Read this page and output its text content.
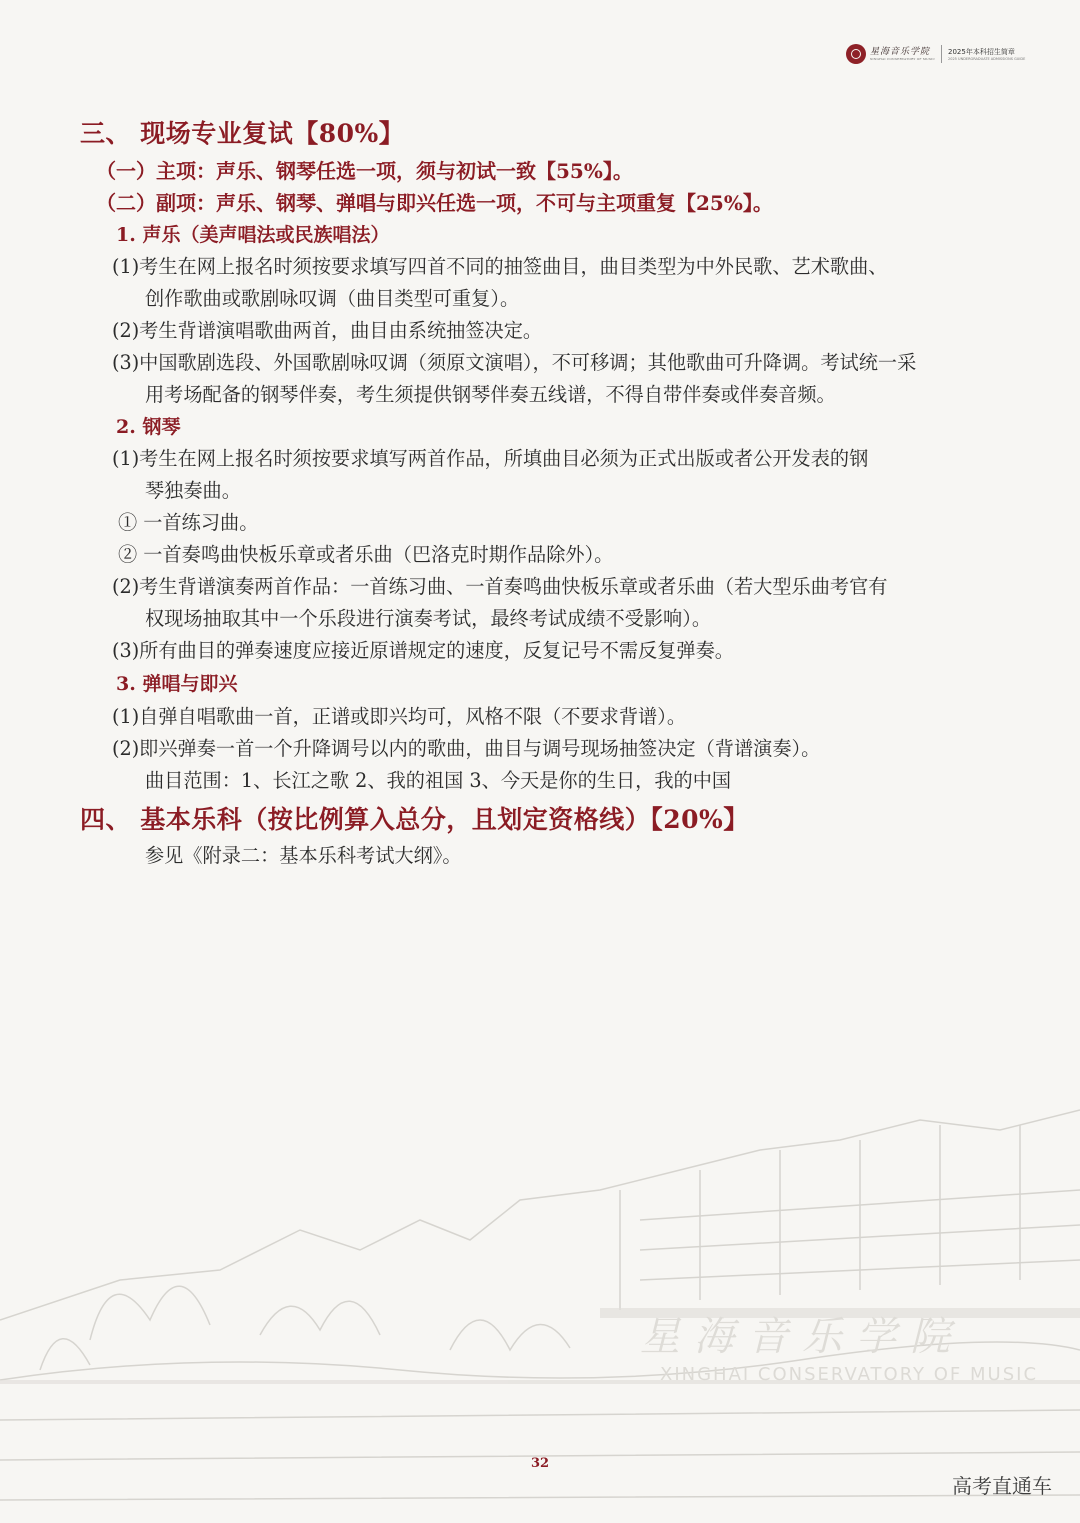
星海音乐学院
XINGHAI CONSERVATORY OF MUSIC
2025年本科招生简章
2025 UNDERGRADUATE ADMISSIONS GUIDE
三、 现场专业复试【80%】
（一）主项：声乐、钢琴任选一项，须与初试一致【55%】。
（二）副项：声乐、钢琴、弹唱与即兴任选一项，不可与主项重复【25%】。
1. 声乐（美声唱法或民族唱法）
(1)考生在网上报名时须按要求填写四首不同的抽签曲目，曲目类型为中外民歌、艺术歌曲、
创作歌曲或歌剧咏叹调（曲目类型可重复）。
(2)考生背谱演唱歌曲两首，曲目由系统抽签决定。
(3)中国歌剧选段、外国歌剧咏叹调（须原文演唱），不可移调；其他歌曲可升降调。考试统一采
用考场配备的钢琴伴奏，考生须提供钢琴伴奏五线谱，不得自带伴奏或伴奏音频。
2. 钢琴
(1)考生在网上报名时须按要求填写两首作品，所填曲目必须为正式出版或者公开发表的钢
琴独奏曲。
① 一首练习曲。
② 一首奏鸣曲快板乐章或者乐曲（巴洛克时期作品除外）。
(2)考生背谱演奏两首作品：一首练习曲、一首奏鸣曲快板乐章或者乐曲（若大型乐曲考官有
权现场抽取其中一个乐段进行演奏考试，最终考试成绩不受影响）。
(3)所有曲目的弹奏速度应接近原谱规定的速度，反复记号不需反复弹奏。
3. 弹唱与即兴
(1)自弹自唱歌曲一首，正谱或即兴均可，风格不限（不要求背谱）。
(2)即兴弹奏一首一个升降调号以内的歌曲，曲目与调号现场抽签决定（背谱演奏）。
曲目范围：1、长江之歌 2、我的祖国 3、今天是你的生日，我的中国
四、 基本乐科（按比例算入总分，且划定资格线）【20%】
参见《附录二：基本乐科考试大纲》。
星海音乐学院
XINGHAI CONSERVATORY OF MUSIC
32
高考直通车
